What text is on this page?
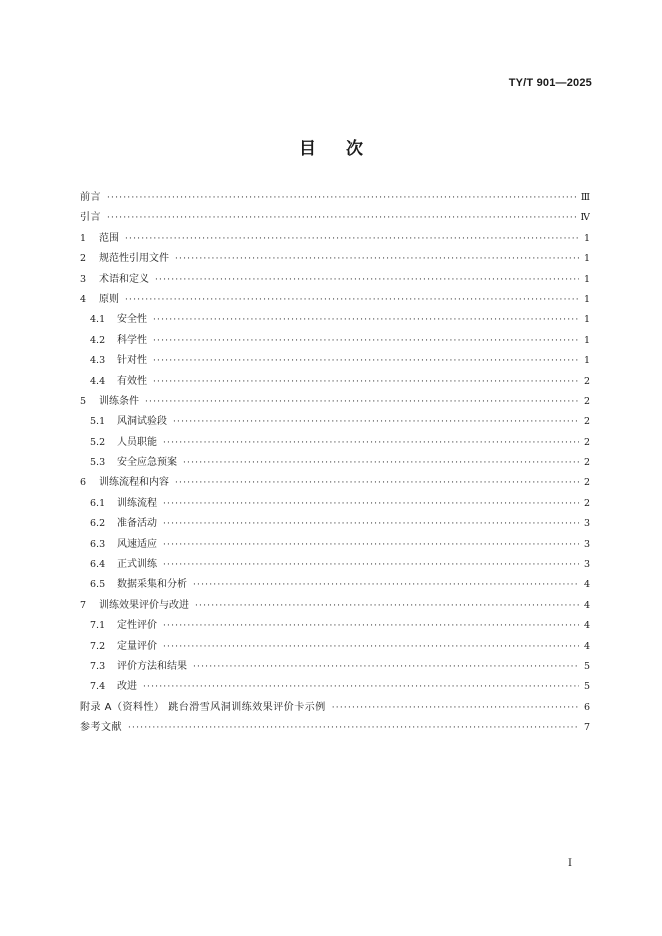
TY/T 901—2025
目次
前言 ·····	Ⅲ
引言 ·····	Ⅳ
1	范围 ·····	1
2	规范性引用文件 ·····	1
3	术语和定义 ·····	1
4	原则 ·····	1
4.1	安全性 ·····	1
4.2	科学性 ·····	1
4.3	针对性 ·····	1
4.4	有效性 ·····	2
5	训练条件 ·····	2
5.1	风洞试验段 ·····	2
5.2	人员职能 ·····	2
5.3	安全应急预案 ·····	2
6	训练流程和内容 ·····	2
6.1	训练流程 ·····	2
6.2	准备活动 ·····	3
6.3	风速适应 ·····	3
6.4	正式训练 ·····	3
6.5	数据采集和分析 ·····	4
7	训练效果评价与改进 ·····	4
7.1	定性评价 ·····	4
7.2	定量评价 ·····	4
7.3	评价方法和结果 ·····	5
7.4	改进 ·····	5
附录 A（资料性） 跳台滑雪风洞训练效果评价卡示例 ·····	6
参考文献 ·····	7
I
